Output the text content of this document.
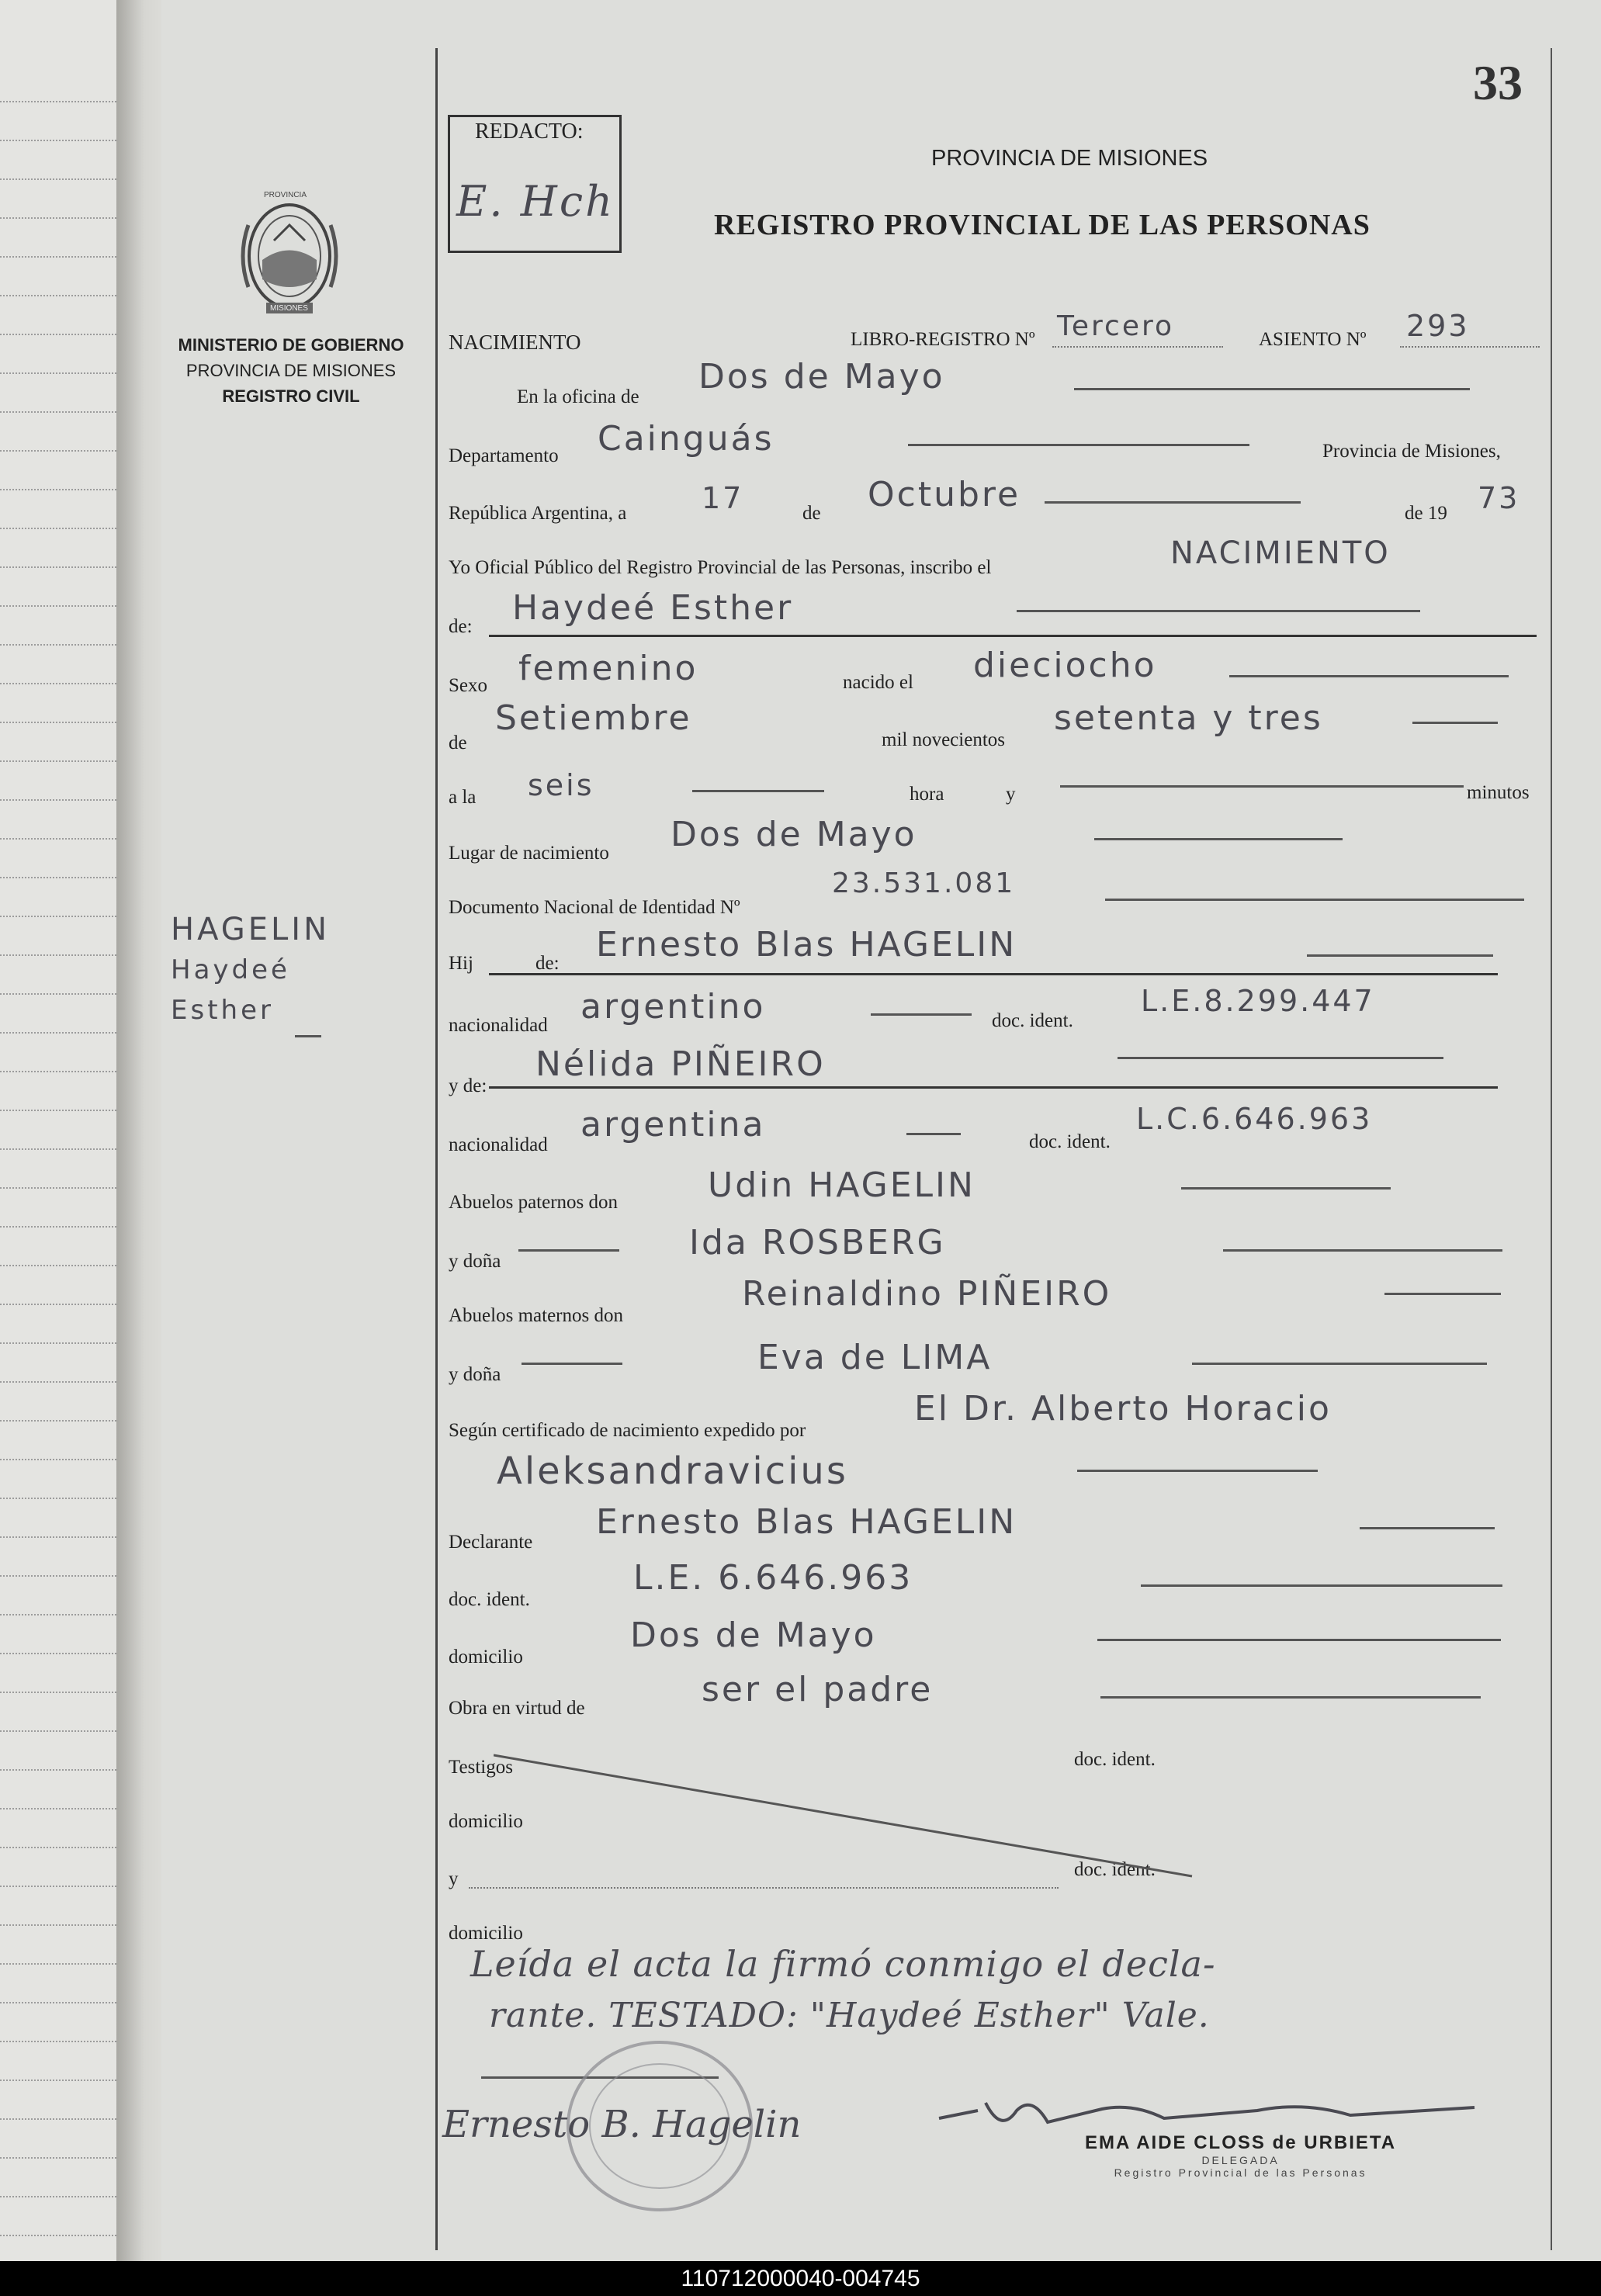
33
REDACTO:
E. Hch
PROVINCIA DE MISIONES
REGISTRO PROVINCIAL DE LAS PERSONAS
PROVINCIA
MISIONES
MINISTERIO DE GOBIERNO
PROVINCIA DE MISIONES
REGISTRO CIVIL
HAGELIN
Haydeé
Esther
NACIMIENTO	LIBRO-REGISTRO Nº Tercero	ASIENTO Nº 293
En la oficina de
Dos de Mayo
Departamento Cainguás	Provincia de Misiones,
República Argentina, a	17	de Octubre	de 19 73
Yo Oficial Público del Registro Provincial de las Personas, inscribo el	NACIMIENTO
de: Haydeé Esther
Sexo femenino	nacido el dieciocho
de
Setiembre
mil novecientos
setenta y tres
a la seis	hora	y	minutos
Lugar de nacimiento Dos de Mayo
Documento Nacional de Identidad Nº
23.531.081
Hij	de: Ernesto Blas HAGELIN
nacionalidad argentino	doc. ident.
L.E.8.299.447
y de:
Nélida PIÑEIRO
nacionalidad
argentina	doc. ident.
L.C.6.646.963
Abuelos paternos don	Udin HAGELIN
y doña	Ida ROSBERG
Abuelos maternos don
Reinaldino PIÑEIRO
y doña	Eva de LIMA
Según certificado de nacimiento expedido por
El Dr. Alberto Horacio
Aleksandravicius
Declarante
Ernesto Blas HAGELIN
doc. ident.
L.E. 6.646.963
domicilio
Dos de Mayo
Obra en virtud de	ser el padre
Testigos	doc. ident.
domicilio
y	doc. ident.
domicilio
Leída el acta la firmó conmigo el decla-
rante. TESTADO: "Haydeé Esther" Vale.
Ernesto B. Hagelin	EMA AIDE CLOSS de URBIETA
DELEGADA
Registro Provincial de las Personas
110712000040-004745
